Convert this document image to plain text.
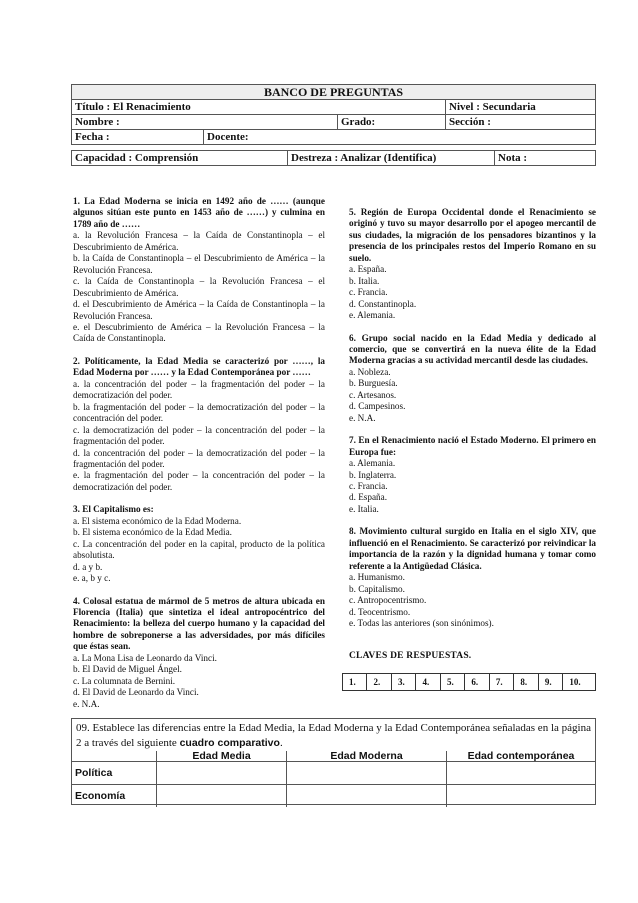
BANCO DE PREGUNTAS			
Título : El Renacimiento			Nivel : Secundaria
Nombre :		Grado:	Sección :
Fecha :	Docente:		
Capacidad : Comprensión	Destreza : Analizar (Identifica)	Nota :

1. La Edad Moderna se inicia en 1492 año de …… (aunque algunos sitúan este punto en 1453 año de ……) y culmina en 1789 año de ……
a. la Revolución Francesa – la Caída de Constantinopla – el Descubrimiento de América.
b. la Caída de Constantinopla – el Descubrimiento de América – la Revolución Francesa.
c. la Caída de Constantinopla – la Revolución Francesa – el Descubrimiento de América.
d. el Descubrimiento de América – la Caída de Constantinopla – la Revolución Francesa.
e. el Descubrimiento de América – la Revolución Francesa – la Caída de Constantinopla.

2. Políticamente, la Edad Media se caracterizó por ……, la Edad Moderna por …… y la Edad Contemporánea por ……
a. la concentración del poder – la fragmentación del poder – la democratización del poder.
b. la fragmentación del poder – la democratización del poder – la concentración del poder.
c. la democratización del poder – la concentración del poder – la fragmentación del poder.
d. la concentración del poder – la democratización del poder – la fragmentación del poder.
e. la fragmentación del poder – la concentración del poder – la democratización del poder.

3. El Capitalismo es:
a. El sistema económico de la Edad Moderna.
b. El sistema económico de la Edad Media.
c. La concentración del poder en la capital, producto de la política absolutista.
d. a y b.
e. a, b y c.

4. Colosal estatua de mármol de 5 metros de altura ubicada en Florencia (Italia) que sintetiza el ideal antropocéntrico del Renacimiento: la belleza del cuerpo humano y la capacidad del hombre de sobreponerse a las adversidades, por más difíciles que éstas sean.
a. La Mona Lisa de Leonardo da Vinci.
b. El David de Miguel Ángel.
c. La columnata de Bernini.
d. El David de Leonardo da Vinci.
e. N.A.

5. Región de Europa Occidental donde el Renacimiento se originó y tuvo su mayor desarrollo por el apogeo mercantil de sus ciudades, la migración de los pensadores bizantinos y la presencia de los principales restos del Imperio Romano en su suelo.
a. España.
b. Italia.
c. Francia.
d. Constantinopla.
e. Alemania.

6. Grupo social nacido en la Edad Media y dedicado al comercio, que se convertirá en la nueva élite de la Edad Moderna gracias a su actividad mercantil desde las ciudades.
a. Nobleza.
b. Burguesía.
c. Artesanos.
d. Campesinos.
e. N.A.

7. En el Renacimiento nació el Estado Moderno. El primero en Europa fue:
a. Alemania.
b. Inglaterra.
c. Francia.
d. España.
e. Italia.

8. Movimiento cultural surgido en Italia en el siglo XIV, que influenció en el Renacimiento. Se caracterizó por reivindicar la importancia de la razón y la dignidad humana y tomar como referente a la Antigüedad Clásica.
a. Humanismo.
b. Capitalismo.
c. Antropocentrismo.
d. Teocentrismo.
e. Todas las anteriores (son sinónimos).

CLAVES DE RESPUESTAS.
1.	2.	3.	4.	5.	6.	7.	8.	9.	10.
09. Establece las diferencias entre la Edad Media, la Edad Moderna y la Edad Contemporánea señaladas en la página 2 a través del siguiente cuadro comparativo.
	Edad Media	Edad Moderna	Edad contemporánea
Política			
Economía			
